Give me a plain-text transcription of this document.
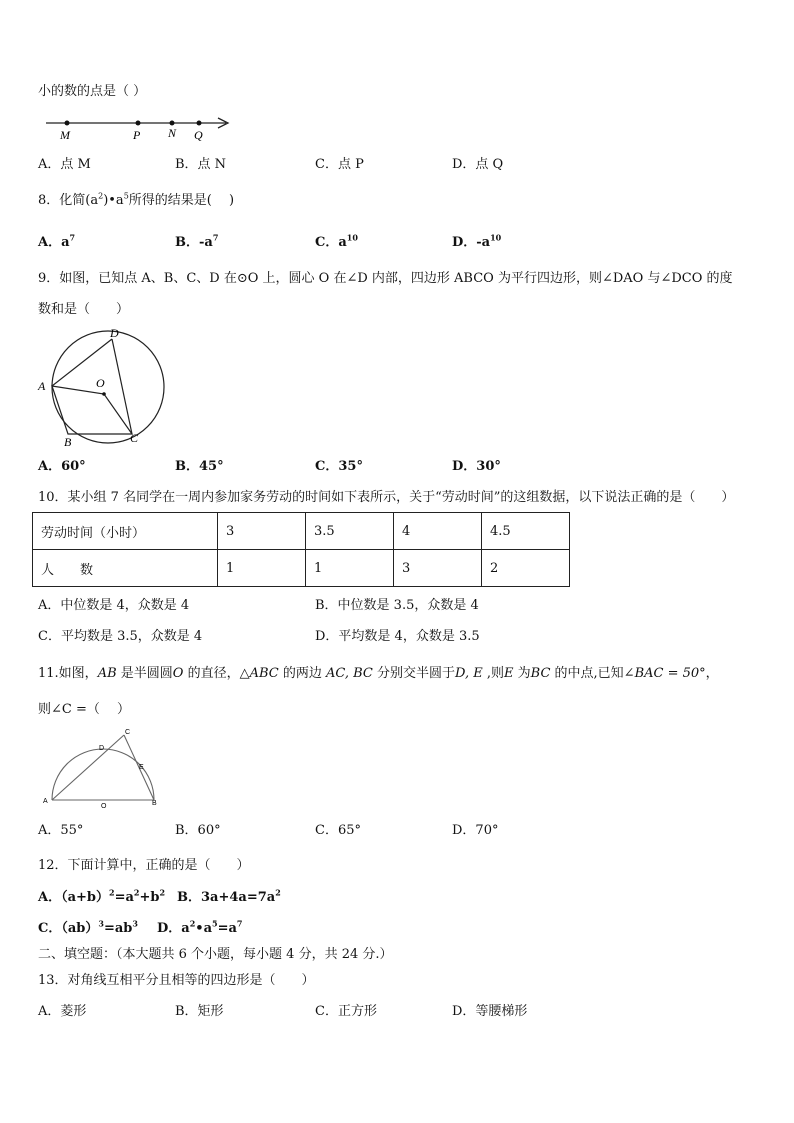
小的数的点是（ ）
M	P N Q
A．点 M	B．点 N	C．点 P	D．点 Q
8．化简$(a^2)•a^5$所得的结果是(　 )
A．$a^7$	B．$-a^7$	C．$a^{10}$	D．$-a^{10}$
9．如图，已知点 A、B、C、D 在⊙O 上，圆心 O 在∠D 内部，四边形 ABCO 为平行四边形，则∠DAO 与∠DCO 的度
数和是（　　）
D
A	O
B	C
A．60°	B．45°	C．35°	D．30°
10．某小组 7 名同学在一周内参加家务劳动的时间如下表所示，关于“劳动时间”的这组数据，以下说法正确的是（　　）
劳动时间（小时）	3	3.5	4	4.5
人　　数	1	1	3	2
A．中位数是 4，众数是 4	B．中位数是 3.5，众数是 4
C．平均数是 3.5，众数是 4	D．平均数是 4，众数是 3.5
11.如图，AB 是半圆圆O 的直径，△ABC 的两边 AC, BC 分别交半圆于D, E ,则E 为BC 的中点,已知∠BAC = 50°，
则∠C =（　 ）
C
D
E
A
O	B
A．55°	B．60°	C．65°	D．70°
12．下面计算中，正确的是（　　）
A．$(a+b)^2=a^2+b^2$ B．$3a+4a=7a^2$
C．$(ab)^3=ab^3$ D．$a^2•a^5=a^7$
二、填空题：（本大题共 6 个小题，每小题 4 分，共 24 分.）
13．对角线互相平分且相等的四边形是（　　）
A．菱形	B．矩形	C．正方形	D．等腰梯形
